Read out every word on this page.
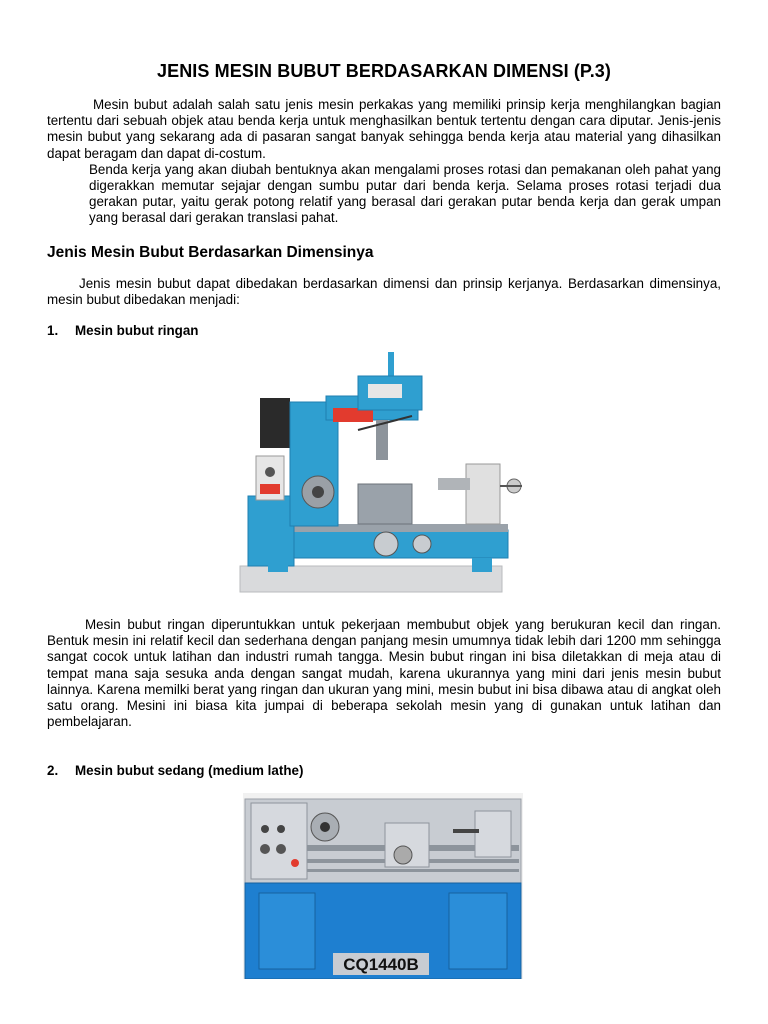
JENIS MESIN BUBUT BERDASARKAN DIMENSI (P.3)

Mesin bubut adalah salah satu jenis mesin perkakas yang memiliki prinsip kerja menghilangkan bagian tertentu dari sebuah objek atau benda kerja untuk menghasilkan bentuk tertentu dengan cara diputar. Jenis-jenis mesin bubut yang sekarang ada di pasaran sangat banyak sehingga benda kerja atau material yang dihasilkan dapat beragam dan dapat di-costum.
Benda kerja yang akan diubah bentuknya akan mengalami proses rotasi dan pemakanan oleh pahat yang digerakkan memutar sejajar dengan sumbu putar dari benda kerja. Selama proses rotasi terjadi dua gerakan putar, yaitu gerak potong relatif yang berasal dari gerakan putar benda kerja dan gerak umpan yang berasal dari gerakan translasi pahat.

Jenis Mesin Bubut Berdasarkan Dimensinya

Jenis mesin bubut dapat dibedakan berdasarkan dimensi dan prinsip kerjanya. Berdasarkan dimensinya, mesin bubut dibedakan menjadi:

1. Mesin bubut ringan

Mesin bubut ringan diperuntukkan untuk pekerjaan membubut objek yang berukuran kecil dan ringan. Bentuk mesin ini relatif kecil dan sederhana dengan panjang mesin umumnya tidak lebih dari 1200 mm sehingga sangat cocok untuk latihan dan industri rumah tangga. Mesin bubut ringan ini bisa diletakkan di meja atau di tempat mana saja sesuka anda dengan sangat mudah, karena ukurannya yang mini dari jenis mesin bubut lainnya. Karena memilki berat yang ringan dan ukuran yang mini, mesin bubut ini bisa dibawa atau di angkat oleh satu orang. Mesini ini biasa kita jumpai di beberapa sekolah mesin yang di gunakan untuk latihan dan pembelajaran.

2. Mesin bubut sedang (medium lathe)
CQ1440B
